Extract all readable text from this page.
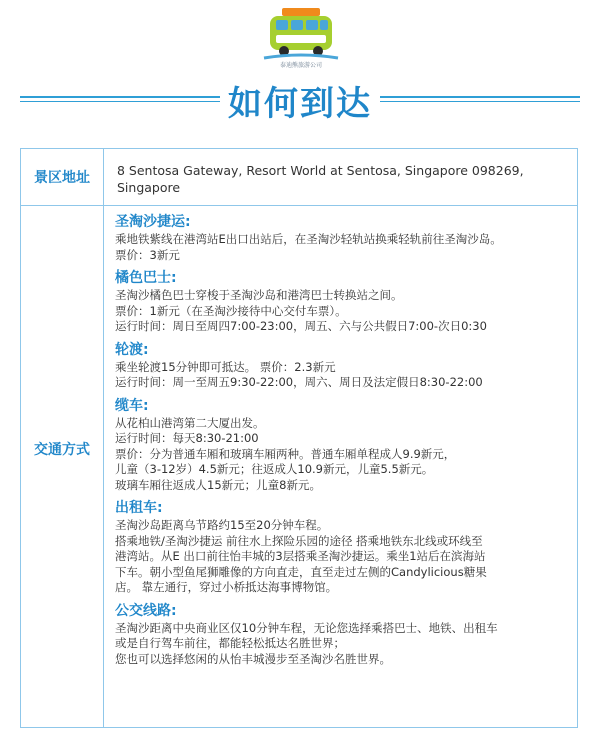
泰迪熊旅游公司
如何到达
景区地址	8 Sentosa Gateway, Resort World at Sentosa, Singapore 098269,
Singapore
交通方式
圣淘沙捷运:
乘地铁紫线在港湾站E出口出站后，在圣淘沙轻轨站换乘轻轨前往圣淘沙岛。
票价：3新元
橘色巴士:
圣淘沙橘色巴士穿梭于圣淘沙岛和港湾巴士转换站之间。
票价：1新元（在圣淘沙接待中心交付车票）。
运行时间：周日至周四7:00-23:00，周五、六与公共假日7:00-次日0:30
轮渡:
乘坐轮渡15分钟即可抵达。 票价：2.3新元
运行时间：周一至周五9:30-22:00，周六、周日及法定假日8:30-22:00
缆车:
从花柏山港湾第二大厦出发。
运行时间：每天8:30-21:00
票价：分为普通车厢和玻璃车厢两种。普通车厢单程成人9.9新元，
儿童（3-12岁）4.5新元；往返成人10.9新元，儿童5.5新元。
玻璃车厢往返成人15新元；儿童8新元。
出租车:
圣淘沙岛距离乌节路约15至20分钟车程。
搭乘地铁/圣淘沙捷运 前往水上探险乐园的途径 搭乘地铁东北线或环线至
港湾站。从E 出口前往怡丰城的3层搭乘圣淘沙捷运。乘坐1站后在滨海站
下车。朝小型鱼尾狮雕像的方向直走，直至走过左侧的Candylicious糖果
店。 靠左通行，穿过小桥抵达海事博物馆。
公交线路:
圣淘沙距离中央商业区仅10分钟车程，无论您选择乘搭巴士、地铁、出租车
或是自行驾车前往，都能轻松抵达名胜世界；
您也可以选择悠闲的从怡丰城漫步至圣淘沙名胜世界。
